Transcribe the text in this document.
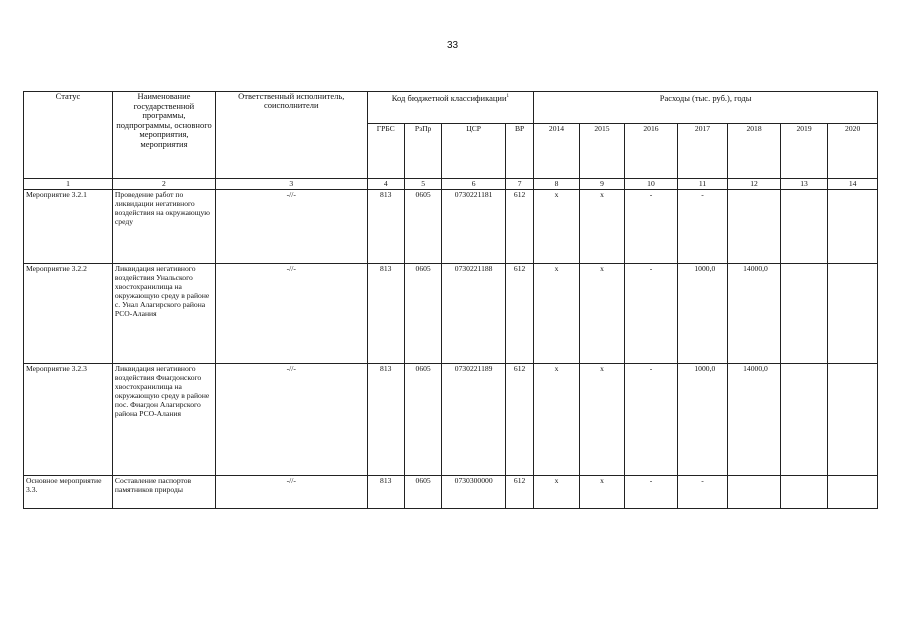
33
Статус	Наименование государственной программы, подпрограммы, основного мероприятия, мероприятия	Ответственный исполнитель, соисполнители	Код бюджетной классификации$^1$				Расходы (тыс. руб.), годы						
			ГРБС	РзПр	ЦСР	ВР	2014	2015	2016	2017	2018	2019	2020
1	2	3	4	5	6	7	8	9	10	11	12	13	14
Мероприятие 3.2.1	Проведение работ по ликвидации негативного воздействия на окружающую среду	-//-	813	0605	0730221181	612	x	x	-	-			
Мероприятие 3.2.2	Ликвидация негативного воздействия Унальского хвостохранилища на окружающую среду в районе с. Унал Алагирского района РСО-Алания	-//-	813	0605	0730221188	612	x	x	-	1000,0	14000,0		
Мероприятие 3.2.3	Ликвидация негативного воздействия Фиагдонского хвостохранилища на окружающую среду в районе пос. Фиагдон Алагирского района РСО-Алания	-//-	813	0605	0730221189	612	x	x	-	1000,0	14000,0		
Основное мероприятие 3.3.	Составление паспортов памятников природы	-//-	813	0605	0730300000	612	x	x	-	-			
